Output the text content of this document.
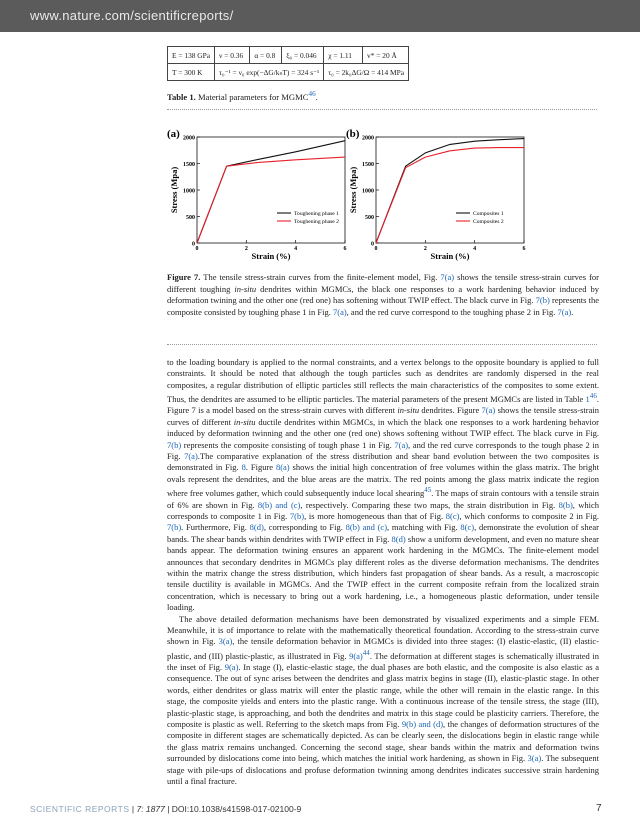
www.nature.com/scientificreports/
E = 138 GPa	ν = 0.36	α = 0.8	ξ₀ = 0.046	χ = 1.11	v* = 20 Å
T = 300 K	τ₀⁻¹ = ν₀ exp(−ΔG/kₙT) = 324 s⁻¹			τ₀ = 2k₀ΔG/Ω = 414 MPa	
Table 1. Material parameters for MGMC$^{46}$.
(a)
0
500
1000
1500
2000
0	2	4	6
Strain (%)
Stress (Mpa)
Toughening phase 1
Toughening phase 2
(b)
0
500
1000
1500
2000
0	2	4	6
Strain (%)
Stress (Mpa)
Composites 1
Composites 2
Figure 7. The tensile stress-strain curves from the finite-element model, Fig. 7(a) shows the tensile stress-strain curves for different toughing in-situ dendrites within MGMCs, the black one responses to a work hardening behavior induced by deformation twining and the other one (red one) has softening without TWIP effect. The black curve in Fig. 7(b) represents the composite consisted by toughing phase 1 in Fig. 7(a), and the red curve correspond to the toughing phase 2 in Fig. 7(a).

to the loading boundary is applied to the normal constraints, and a vertex belongs to the opposite boundary is applied to full constraints. It should be noted that although the tough particles such as dendrites are randomly dispersed in the real composites, a regular distribution of elliptic particles still reflects the main characteristics of the composites to some extent. Thus, the dendrites are assumed to be elliptic particles. The material parameters of the present MGMCs are listed in Table $1^{46}$. Figure 7 is a model based on the stress-strain curves with different in-situ dendrites. Figure 7(a) shows the tensile stress-strain curves of different in-situ ductile dendrites within MGMCs, in which the black one responses to a work hardening behavior induced by deformation twinning and the other one (red one) shows softening without TWIP effect. The black curve in Fig. 7(b) represents the composite consisting of tough phase 1 in Fig. 7(a), and the red curve corresponds to the tough phase 2 in Fig. 7(a).The comparative explanation of the stress distribution and shear band evolution between the two composites is demonstrated in Fig. 8. Figure 8(a) shows the initial high concentration of free volumes within the glass matrix. The bright ovals represent the dendrites, and the blue areas are the matrix. The red points among the glass matrix indicate the region where free volumes gather, which could subsequently induce local shearing$^{45}$. The maps of strain contours with a tensile strain of 6% are shown in Fig. 8(b) and (c), respectively. Comparing these two maps, the strain distribution in Fig. 8(b), which corresponds to composite 1 in Fig. 7(b), is more homogeneous than that of Fig. 8(c), which conforms to composite 2 in Fig. 7(b). Furthermore, Fig. 8(d), corresponding to Fig. 8(b) and (c), matching with Fig. 8(c), demonstrate the evolution of shear bands. The shear bands within dendrites with TWIP effect in Fig. 8(d) show a uniform development, and even no mature shear bands appear. The deformation twining ensures an apparent work hardening in the MGMCs. The finite-element model announces that secondary dendrites in MGMCs play different roles as the diverse deformation mechanisms. The dendrites within the matrix change the stress distribution, which hinders fast propagation of shear bands. As a result, a macroscopic tensile ductility is available in MGMCs. And the TWIP effect in the current composite refrain from the localized strain concentration, which is necessary to bring out a work hardening, i.e., a homogeneous plastic deformation, under tensile loading.

The above detailed deformation mechanisms have been demonstrated by visualized experiments and a simple FEM. Meanwhile, it is of importance to relate with the mathematically theoretical foundation. According to the stress-strain curve shown in Fig. 3(a), the tensile deformation behavior in MGMCs is divided into three stages: (I) elastic-elastic, (II) elastic-plastic, and (III) plastic-plastic, as illustrated in Fig. $9(a)^{44}$. The deformation at different stages is schematically illustrated in the inset of Fig. 9(a). In stage (I), elastic-elastic stage, the dual phases are both elastic, and the composite is also elastic as a consequence. The out of sync arises between the dendrites and glass matrix begins in stage (II), elastic-plastic stage. In other words, either dendrites or glass matrix will enter the plastic range, while the other will remain in the elastic range. In this stage, the composite yields and enters into the plastic range. With a continuous increase of the tensile stress, the stage (III), plastic-plastic stage, is approaching, and both the dendrites and matrix in this stage could be plasticity carriers. Therefore, the composite is plastic as well. Referring to the sketch maps from Fig. 9(b) and (d), the changes of deformation structures of the composite in different stages are schematically depicted. As can be clearly seen, the dislocations begin in elastic range while the glass matrix remains unchanged. Concerning the second stage, shear bands within the matrix and deformation twins surrounded by dislocations come into being, which matches the initial work hardening, as shown in Fig. 3(a). The subsequent stage with pile-ups of dislocations and profuse deformation twinning among dendrites indicates successive strain hardening until a final fracture.

SCIENTIFIC REPORTS | 7: 1877 | DOI:10.1038/s41598-017-02100-9	7
